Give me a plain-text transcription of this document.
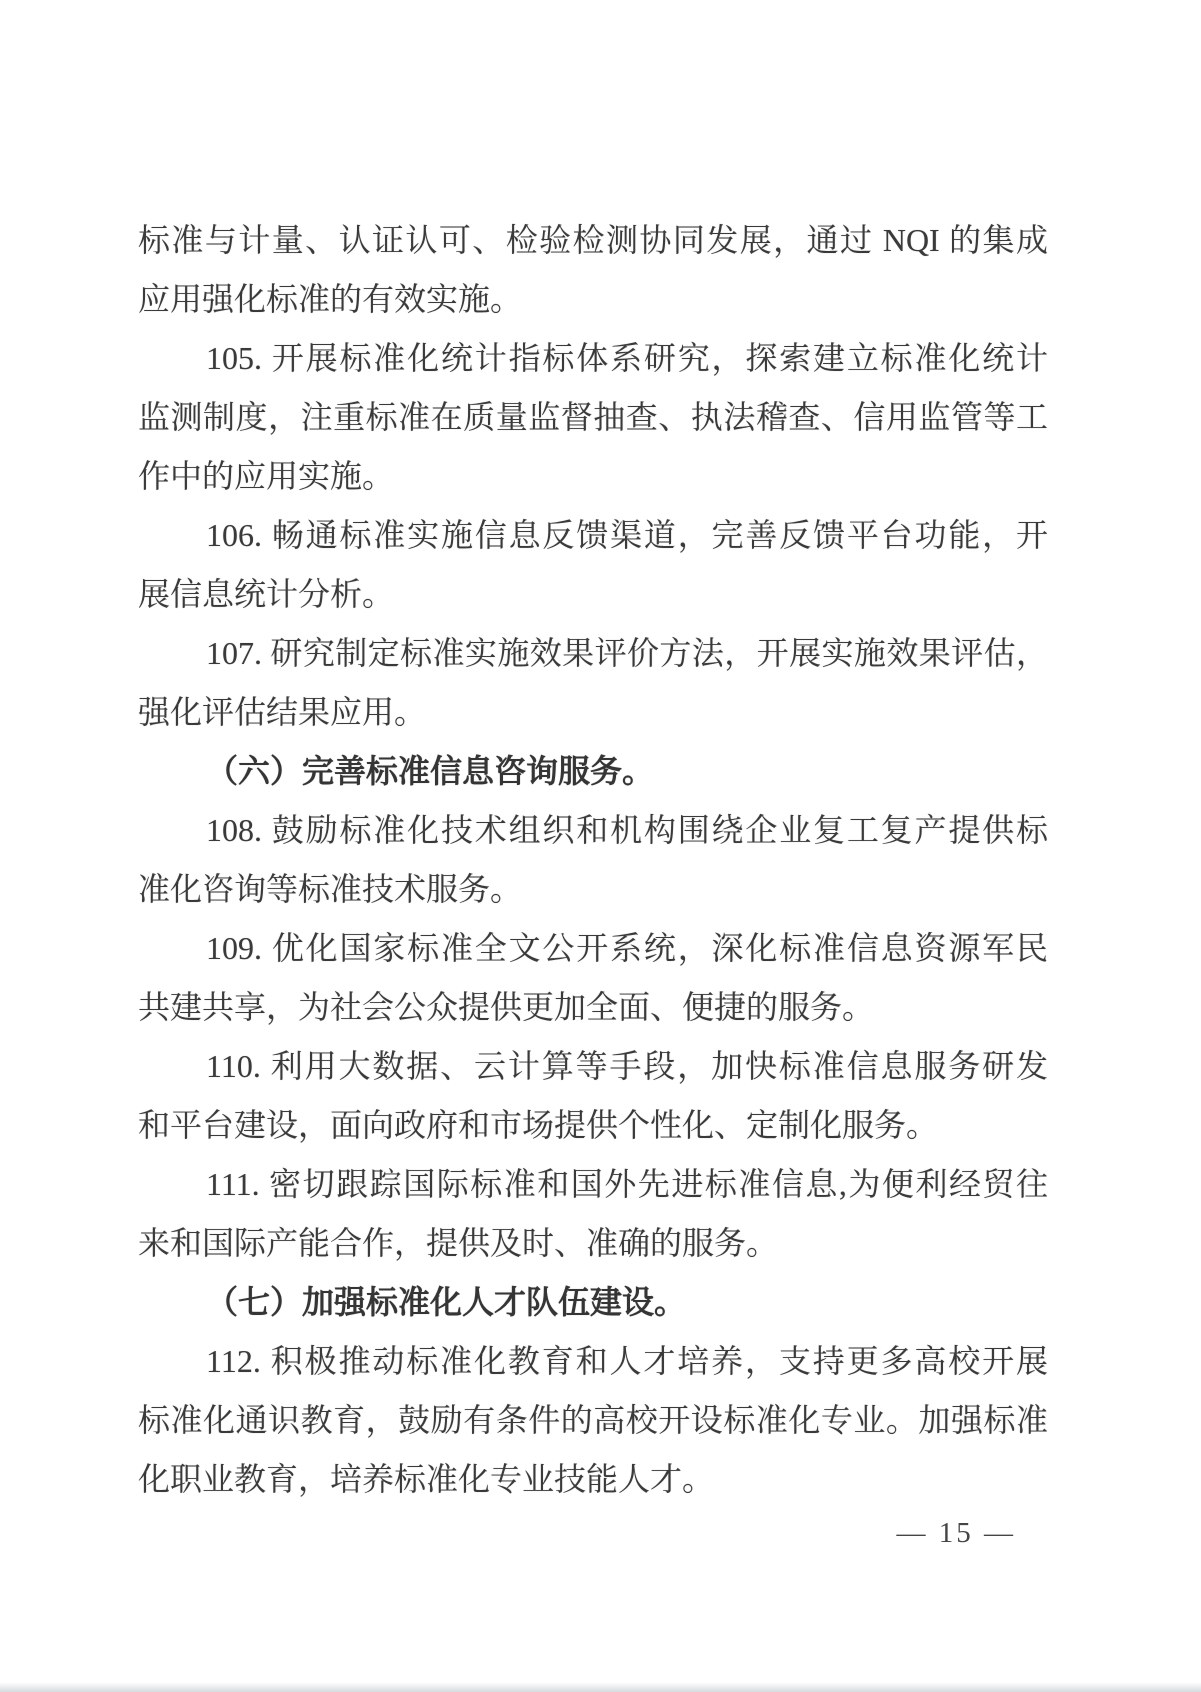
标准与计量、认证认可、检验检测协同发展，通过 NQI 的集成
应用强化标准的有效实施。
105. 开展标准化统计指标体系研究，探索建立标准化统计
监测制度，注重标准在质量监督抽查、执法稽查、信用监管等工
作中的应用实施。
106. 畅通标准实施信息反馈渠道，完善反馈平台功能，开
展信息统计分析。
107. 研究制定标准实施效果评价方法，开展实施效果评估，
强化评估结果应用。
（六）完善标准信息咨询服务。
108. 鼓励标准化技术组织和机构围绕企业复工复产提供标
准化咨询等标准技术服务。
109. 优化国家标准全文公开系统，深化标准信息资源军民
共建共享，为社会公众提供更加全面、便捷的服务。
110. 利用大数据、云计算等手段，加快标准信息服务研发
和平台建设，面向政府和市场提供个性化、定制化服务。
111. 密切跟踪国际标准和国外先进标准信息,为便利经贸往
来和国际产能合作，提供及时、准确的服务。
（七）加强标准化人才队伍建设。
112. 积极推动标准化教育和人才培养，支持更多高校开展
标准化通识教育，鼓励有条件的高校开设标准化专业。加强标准
化职业教育，培养标准化专业技能人才。
— 15 —
